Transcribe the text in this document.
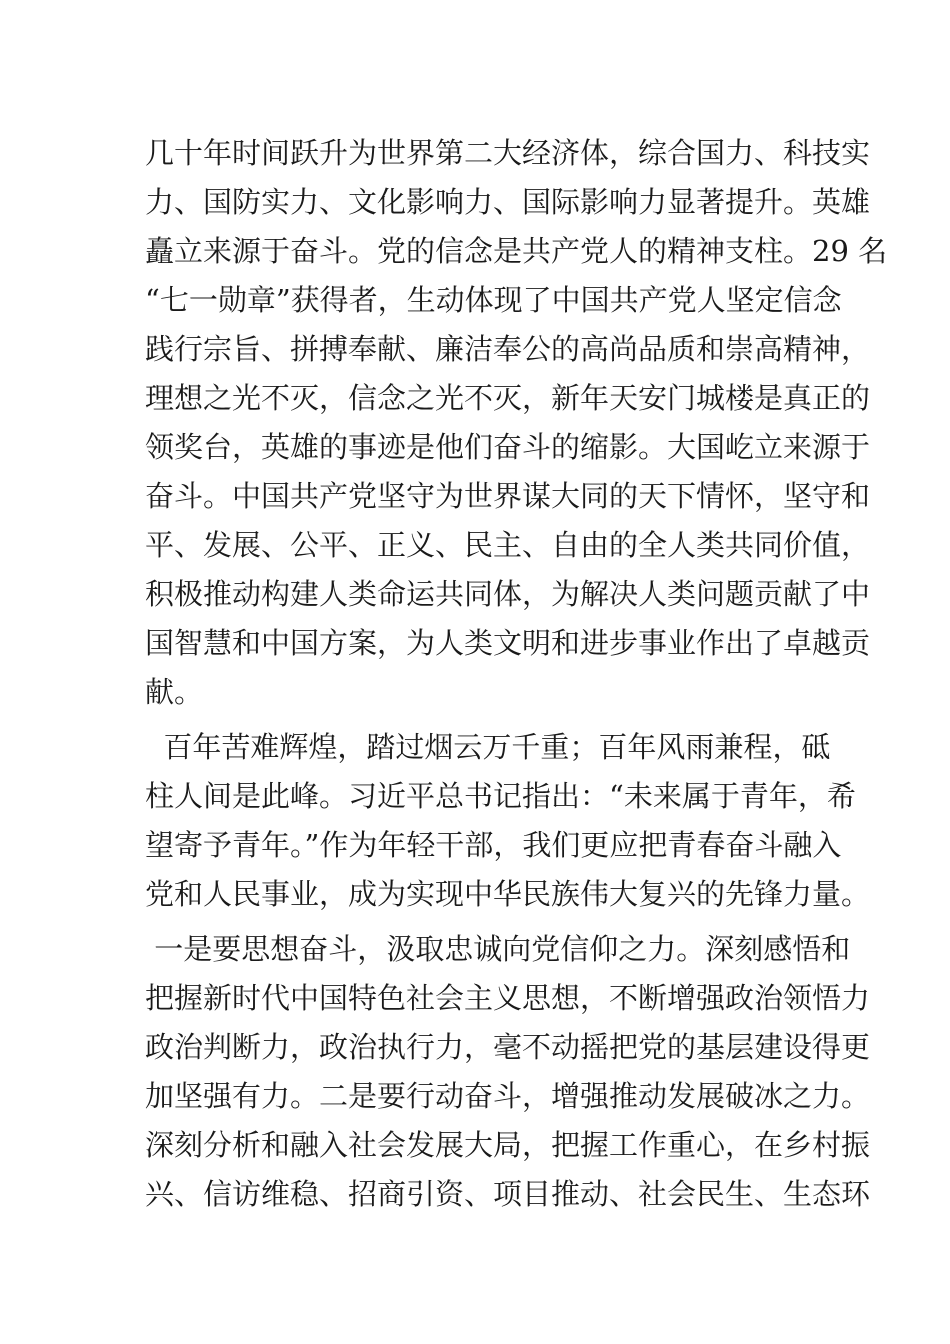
几十年时间跃升为世界第二大经济体，综合国力、科技实
力、国防实力、文化影响力、国际影响力显著提升。英雄
矗立来源于奋斗。党的信念是共产党人的精神支柱。29 名
“七一勋章”获得者，生动体现了中国共产党人坚定信念
践行宗旨、拼搏奉献、廉洁奉公的高尚品质和崇高精神，
理想之光不灭，信念之光不灭，新年天安门城楼是真正的
领奖台，英雄的事迹是他们奋斗的缩影。大国屹立来源于
奋斗。中国共产党坚守为世界谋大同的天下情怀，坚守和
平、发展、公平、正义、民主、自由的全人类共同价值，
积极推动构建人类命运共同体，为解决人类问题贡献了中
国智慧和中国方案，为人类文明和进步事业作出了卓越贡
献。
百年苦难辉煌，踏过烟云万千重；百年风雨兼程，砥
柱人间是此峰。习近平总书记指出：“未来属于青年，希
望寄予青年。”作为年轻干部，我们更应把青春奋斗融入
党和人民事业，成为实现中华民族伟大复兴的先锋力量。
一是要思想奋斗，汲取忠诚向党信仰之力。深刻感悟和
把握新时代中国特色社会主义思想，不断增强政治领悟力
政治判断力，政治执行力，毫不动摇把党的基层建设得更
加坚强有力。二是要行动奋斗，增强推动发展破冰之力。
深刻分析和融入社会发展大局，把握工作重心，在乡村振
兴、信访维稳、招商引资、项目推动、社会民生、生态环
